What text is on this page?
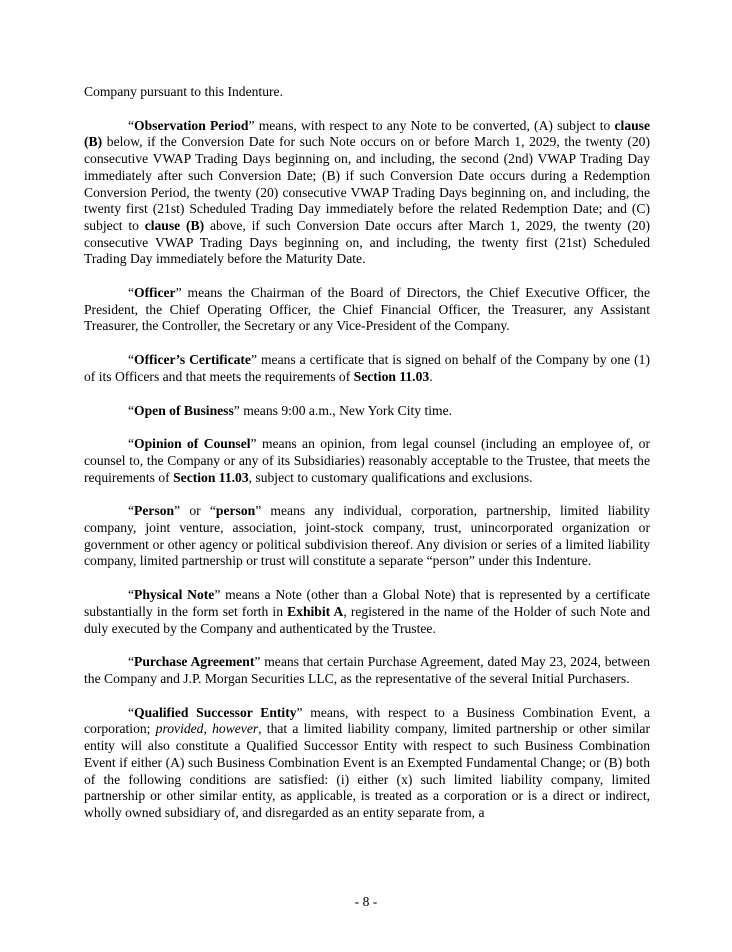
Company pursuant to this Indenture.

“Observation Period” means, with respect to any Note to be converted, (A) subject to clause (B) below, if the Conversion Date for such Note occurs on or before March 1, 2029, the twenty (20) consecutive VWAP Trading Days beginning on, and including, the second (2nd) VWAP Trading Day immediately after such Conversion Date; (B) if such Conversion Date occurs during a Redemption Conversion Period, the twenty (20) consecutive VWAP Trading Days beginning on, and including, the twenty first (21st) Scheduled Trading Day immediately before the related Redemption Date; and (C) subject to clause (B) above, if such Conversion Date occurs after March 1, 2029, the twenty (20) consecutive VWAP Trading Days beginning on, and including, the twenty first (21st) Scheduled Trading Day immediately before the Maturity Date.

“Officer” means the Chairman of the Board of Directors, the Chief Executive Officer, the President, the Chief Operating Officer, the Chief Financial Officer, the Treasurer, any Assistant Treasurer, the Controller, the Secretary or any Vice-President of the Company.

“Officer’s Certificate” means a certificate that is signed on behalf of the Company by one (1) of its Officers and that meets the requirements of Section 11.03.

“Open of Business” means 9:00 a.m., New York City time.

“Opinion of Counsel” means an opinion, from legal counsel (including an employee of, or counsel to, the Company or any of its Subsidiaries) reasonably acceptable to the Trustee, that meets the requirements of Section 11.03, subject to customary qualifications and exclusions.

“Person” or “person” means any individual, corporation, partnership, limited liability company, joint venture, association, joint-stock company, trust, unincorporated organization or government or other agency or political subdivision thereof. Any division or series of a limited liability company, limited partnership or trust will constitute a separate “person” under this Indenture.

“Physical Note” means a Note (other than a Global Note) that is represented by a certificate substantially in the form set forth in Exhibit A, registered in the name of the Holder of such Note and duly executed by the Company and authenticated by the Trustee.

“Purchase Agreement” means that certain Purchase Agreement, dated May 23, 2024, between the Company and J.P. Morgan Securities LLC, as the representative of the several Initial Purchasers.

“Qualified Successor Entity” means, with respect to a Business Combination Event, a corporation; provided, however, that a limited liability company, limited partnership or other similar entity will also constitute a Qualified Successor Entity with respect to such Business Combination Event if either (A) such Business Combination Event is an Exempted Fundamental Change; or (B) both of the following conditions are satisfied: (i) either (x) such limited liability company, limited partnership or other similar entity, as applicable, is treated as a corporation or is a direct or indirect, wholly owned subsidiary of, and disregarded as an entity separate from, a

- 8 -
